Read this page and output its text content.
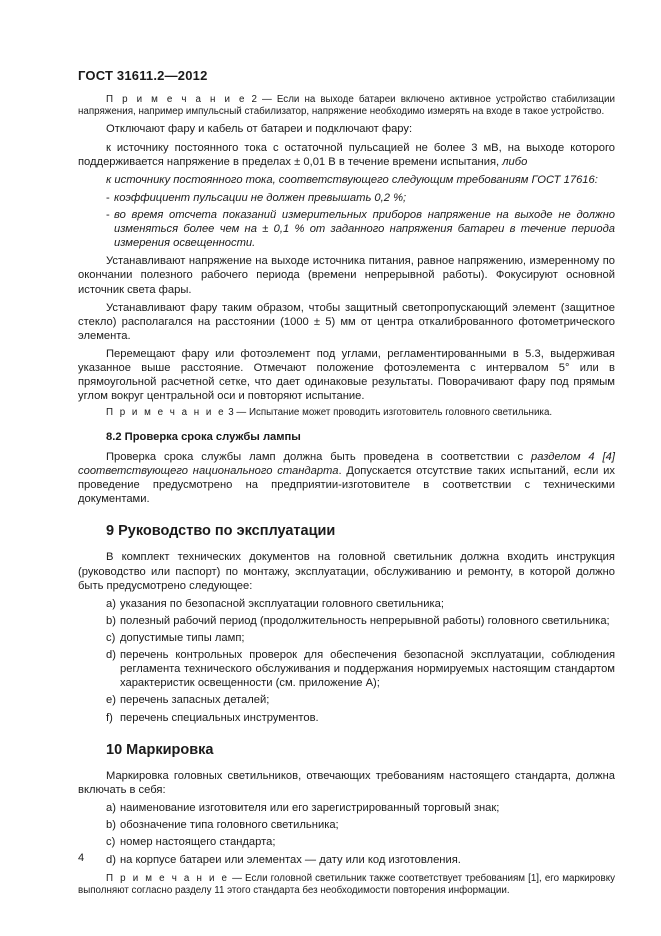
ГОСТ 31611.2—2012

П р и м е ч а н и е 2 — Если на выходе батареи включено активное устройство стабилизации напряжения, например импульсный стабилизатор, напряжение необходимо измерять на входе в такое устройство.

Отключают фару и кабель от батареи и подключают фару:

к источнику постоянного тока с остаточной пульсацией не более 3 мВ, на выходе которого поддерживается напряжение в пределах ± 0,01 В в течение времени испытания, либо

к источнику постоянного тока, соответствующего следующим требованиям ГОСТ 17616:

- коэффициент пульсации не должен превышать 0,2 %;
- во время отсчета показаний измерительных приборов напряжение на выходе не должно изменяться более чем на ± 0,1 % от заданного напряжения батареи в течение периода измерения освещенности.

Устанавливают напряжение на выходе источника питания, равное напряжению, измеренному по окончании полезного рабочего периода (времени непрерывной работы). Фокусируют основной источник света фары.

Устанавливают фару таким образом, чтобы защитный светопропускающий элемент (защитное стекло) располагался на расстоянии (1000 ± 5) мм от центра откалиброванного фотометрического элемента.

Перемещают фару или фотоэлемент под углами, регламентированными в 5.3, выдерживая указанное выше расстояние. Отмечают положение фотоэлемента с интервалом 5° или в прямоугольной расчетной сетке, что дает одинаковые результаты. Поворачивают фару под прямым углом вокруг центральной оси и повторяют испытание.

П р и м е ч а н и е 3 — Испытание может проводить изготовитель головного светильника.

8.2 Проверка срока службы лампы

Проверка срока службы ламп должна быть проведена в соответствии с разделом 4 [4] соответствующего национального стандарта. Допускается отсутствие таких испытаний, если их проведение предусмотрено на предприятии-изготовителе в соответствии с техническими документами.

9 Руководство по эксплуатации

В комплект технических документов на головной светильник должна входить инструкция (руководство или паспорт) по монтажу, эксплуатации, обслуживанию и ремонту, в которой должно быть предусмотрено следующее:

a) указания по безопасной эксплуатации головного светильника;
b) полезный рабочий период (продолжительность непрерывной работы) головного светильника;
c) допустимые типы ламп;
d) перечень контрольных проверок для обеспечения безопасной эксплуатации, соблюдения регламента технического обслуживания и поддержания нормируемых настоящим стандартом характеристик освещенности (см. приложение А);
e) перечень запасных деталей;
f) перечень специальных инструментов.
10 Маркировка

Маркировка головных светильников, отвечающих требованиям настоящего стандарта, должна включать в себя:

a) наименование изготовителя или его зарегистрированный торговый знак;
b) обозначение типа головного светильника;
c) номер настоящего стандарта;
d) на корпусе батареи или элементах — дату или код изготовления.

П р и м е ч а н и е — Если головной светильник также соответствует требованиям [1], его маркировку выполняют согласно разделу 11 этого стандарта без необходимости повторения информации.

4
